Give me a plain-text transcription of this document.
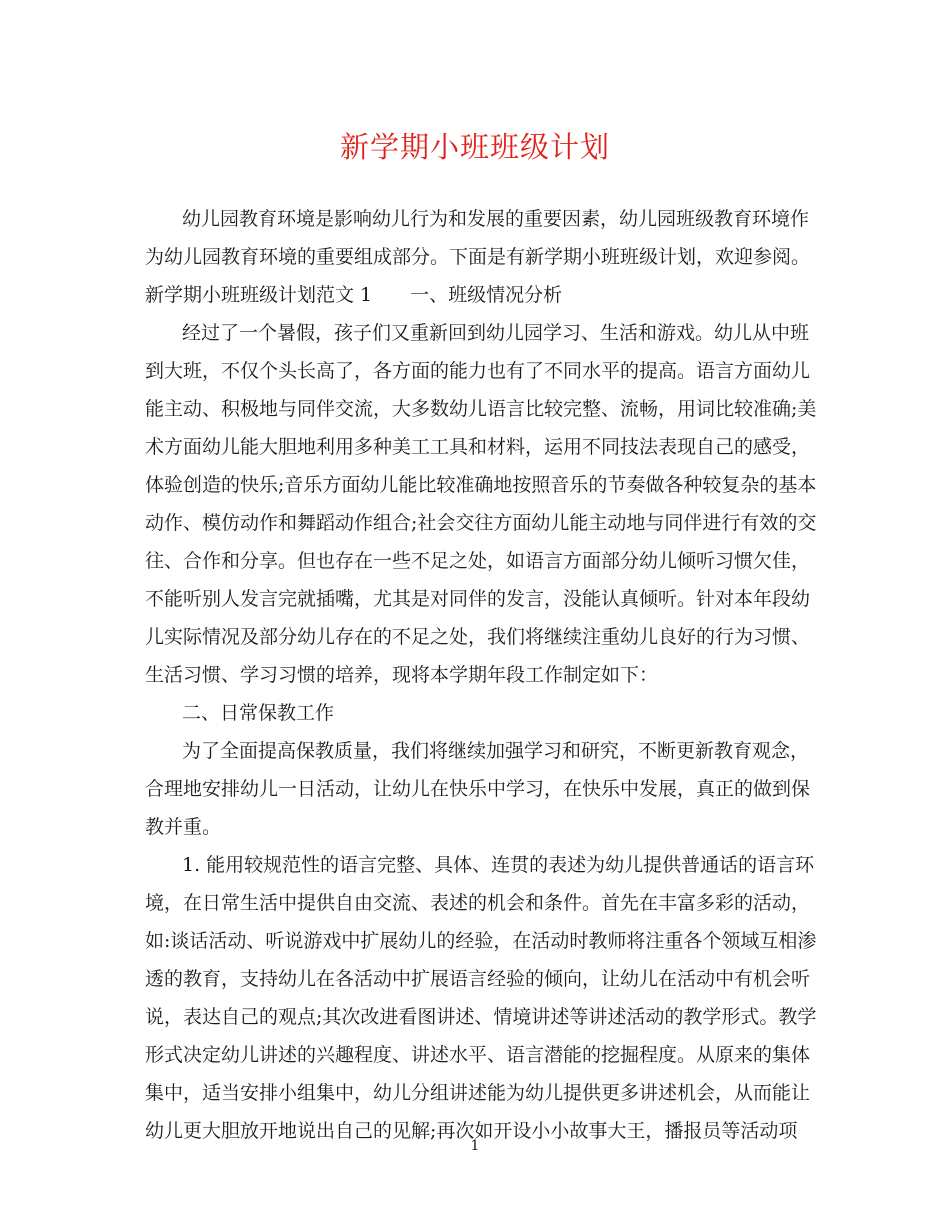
新学期小班班级计划
幼儿园教育环境是影响幼儿行为和发展的重要因素，幼儿园班级教育环境作
为幼儿园教育环境的重要组成部分。下面是有新学期小班班级计划，欢迎参阅。
新学期小班班级计划范文 1　　一、班级情况分析
经过了一个暑假，孩子们又重新回到幼儿园学习、生活和游戏。幼儿从中班
到大班，不仅个头长高了，各方面的能力也有了不同水平的提高。语言方面幼儿
能主动、积极地与同伴交流，大多数幼儿语言比较完整、流畅，用词比较准确;美
术方面幼儿能大胆地利用多种美工工具和材料，运用不同技法表现自己的感受，
体验创造的快乐;音乐方面幼儿能比较准确地按照音乐的节奏做各种较复杂的基本
动作、模仿动作和舞蹈动作组合;社会交往方面幼儿能主动地与同伴进行有效的交
往、合作和分享。但也存在一些不足之处，如语言方面部分幼儿倾听习惯欠佳，
不能听别人发言完就插嘴，尤其是对同伴的发言，没能认真倾听。针对本年段幼
儿实际情况及部分幼儿存在的不足之处，我们将继续注重幼儿良好的行为习惯、
生活习惯、学习习惯的培养，现将本学期年段工作制定如下：
二、日常保教工作
为了全面提高保教质量，我们将继续加强学习和研究，不断更新教育观念，
合理地安排幼儿一日活动，让幼儿在快乐中学习，在快乐中发展，真正的做到保
教并重。
1. 能用较规范性的语言完整、具体、连贯的表述为幼儿提供普通话的语言环
境，在日常生活中提供自由交流、表述的机会和条件。首先在丰富多彩的活动，
如:谈话活动、听说游戏中扩展幼儿的经验，在活动时教师将注重各个领域互相渗
透的教育，支持幼儿在各活动中扩展语言经验的倾向，让幼儿在活动中有机会听
说，表达自己的观点;其次改进看图讲述、情境讲述等讲述活动的教学形式。教学
形式决定幼儿讲述的兴趣程度、讲述水平、语言潜能的挖掘程度。从原来的集体
集中，适当安排小组集中，幼儿分组讲述能为幼儿提供更多讲述机会，从而能让
幼儿更大胆放开地说出自己的见解;再次如开设小小故事大王，播报员等活动项
1
